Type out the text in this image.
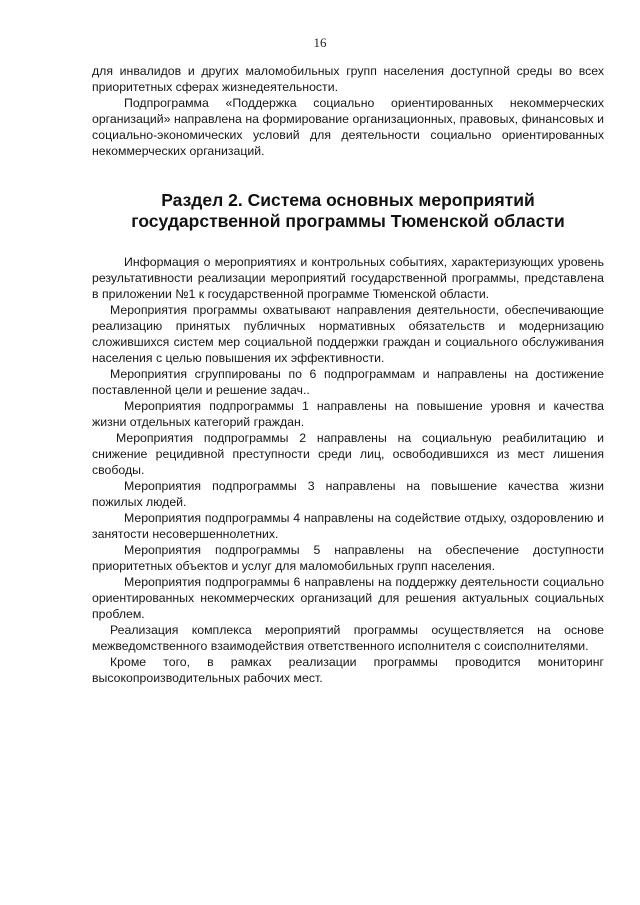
16

для инвалидов и других маломобильных групп населения доступной среды во всех приоритетных сферах жизнедеятельности.

Подпрограмма «Поддержка социально ориентированных некоммерческих организаций» направлена на формирование организационных, правовых, финансовых и социально-экономических условий для деятельности социально ориентированных некоммерческих организаций.

Раздел 2. Система основных мероприятий
государственной программы Тюменской области

Информация о мероприятиях и контрольных событиях, характеризующих уровень результативности реализации мероприятий государственной программы, представлена в приложении №1 к государственной программе Тюменской области.

Мероприятия программы охватывают направления деятельности, обеспечивающие реализацию принятых публичных нормативных обязательств и модернизацию сложившихся систем мер социальной поддержки граждан и социального обслуживания населения с целью повышения их эффективности.

Мероприятия сгруппированы по 6 подпрограммам и направлены на достижение поставленной цели и решение задач..

Мероприятия подпрограммы 1 направлены на повышение уровня и качества жизни отдельных категорий граждан.

Мероприятия подпрограммы 2 направлены на социальную реабилитацию и снижение рецидивной преступности среди лиц, освободившихся из мест лишения свободы.

Мероприятия подпрограммы 3 направлены на повышение качества жизни пожилых людей.

Мероприятия подпрограммы 4 направлены на содействие отдыху, оздоровлению и занятости несовершеннолетних.

Мероприятия подпрограммы 5 направлены на обеспечение доступности приоритетных объектов и услуг для маломобильных групп населения.

Мероприятия подпрограммы 6 направлены на поддержку деятельности социально ориентированных некоммерческих организаций для решения актуальных социальных проблем.

Реализация комплекса мероприятий программы осуществляется на основе межведомственного взаимодействия ответственного исполнителя с соисполнителями.

Кроме того, в рамках реализации программы проводится мониторинг высокопроизводительных рабочих мест.
